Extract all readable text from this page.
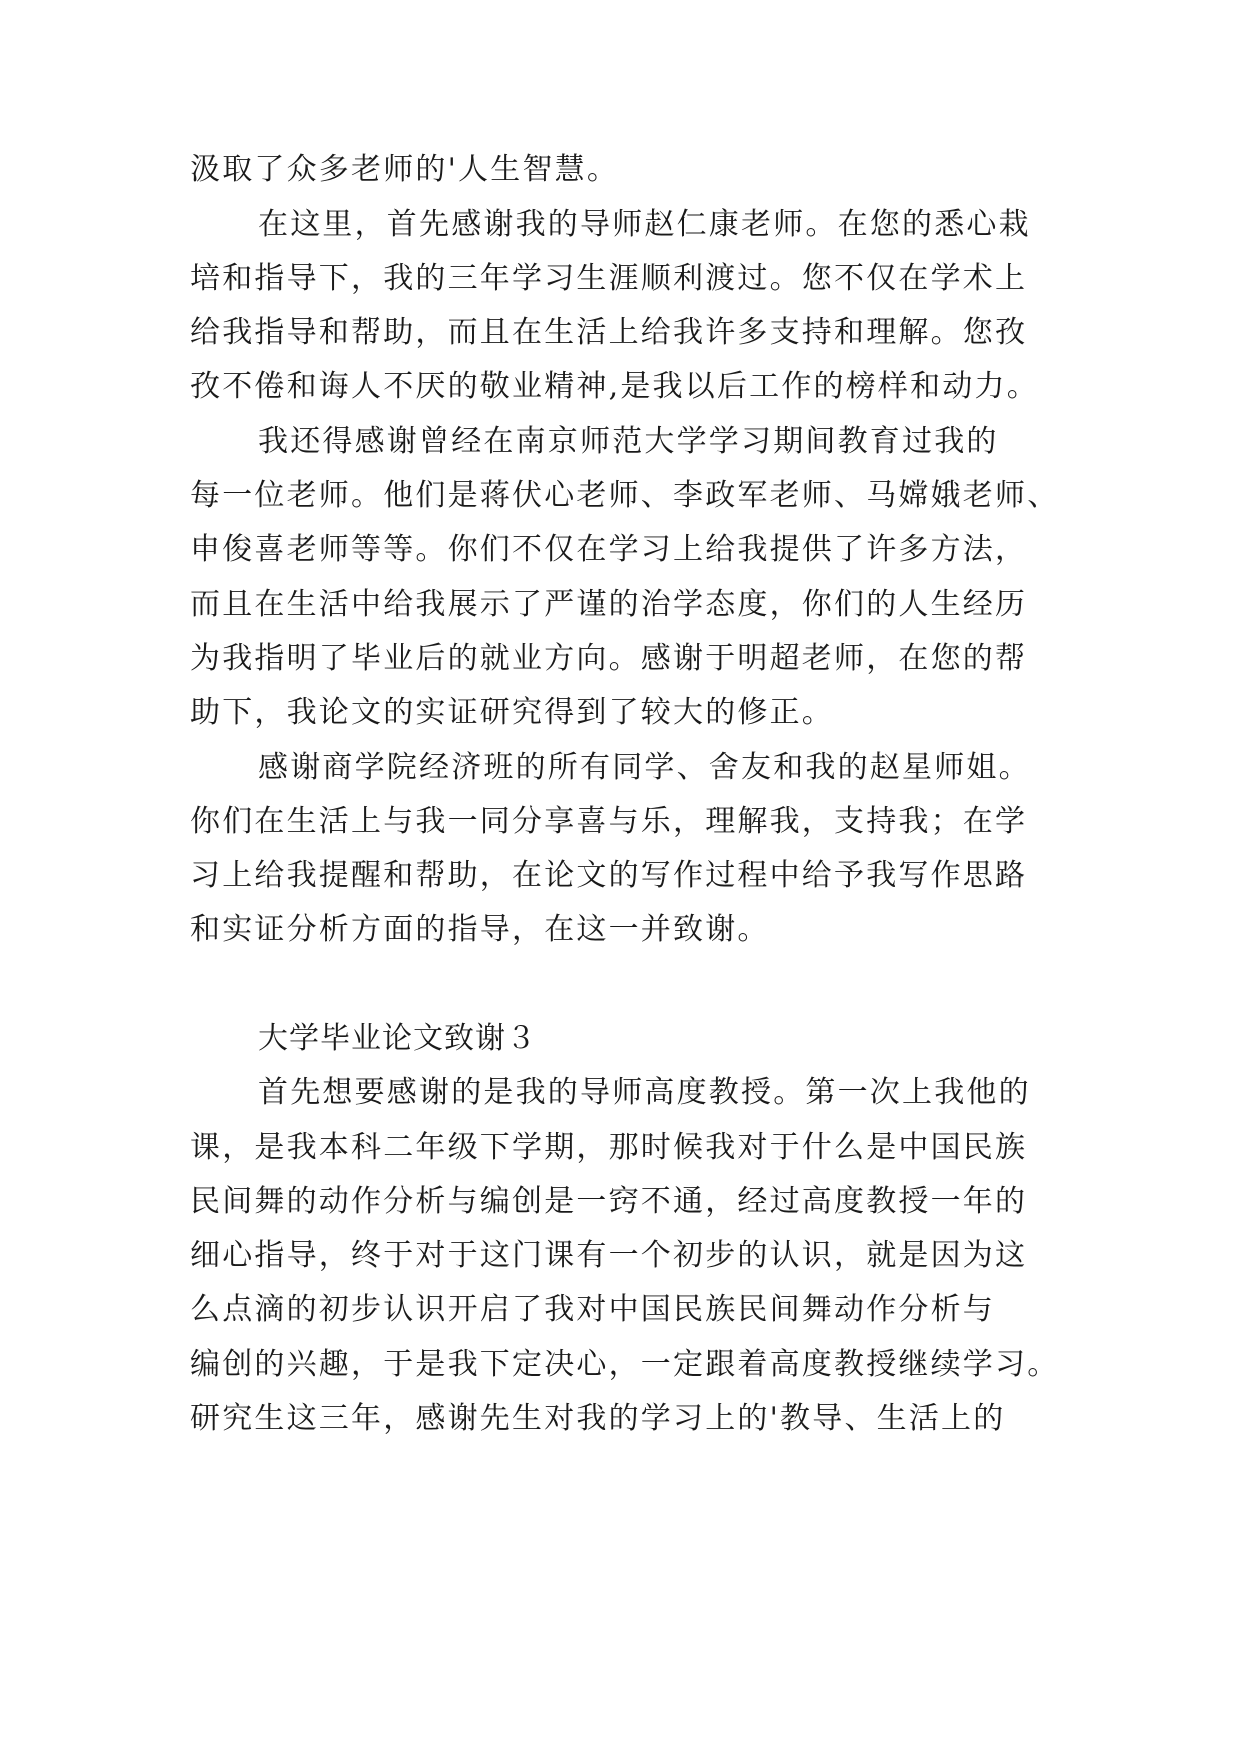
汲取了众多老师的'人生智慧。
在这里，首先感谢我的导师赵仁康老师。在您的悉心栽
培和指导下，我的三年学习生涯顺利渡过。您不仅在学术上
给我指导和帮助，而且在生活上给我许多支持和理解。您孜
孜不倦和诲人不厌的敬业精神,是我以后工作的榜样和动力。
我还得感谢曾经在南京师范大学学习期间教育过我的
每一位老师。他们是蒋伏心老师、李政军老师、马嫦娥老师、
申俊喜老师等等。你们不仅在学习上给我提供了许多方法，
而且在生活中给我展示了严谨的治学态度，你们的人生经历
为我指明了毕业后的就业方向。感谢于明超老师，在您的帮
助下，我论文的实证研究得到了较大的修正。
感谢商学院经济班的所有同学、舍友和我的赵星师姐。
你们在生活上与我一同分享喜与乐，理解我，支持我；在学
习上给我提醒和帮助，在论文的写作过程中给予我写作思路
和实证分析方面的指导，在这一并致谢。
大学毕业论文致谢３
首先想要感谢的是我的导师高度教授。第一次上我他的
课，是我本科二年级下学期，那时候我对于什么是中国民族
民间舞的动作分析与编创是一窍不通，经过高度教授一年的
细心指导，终于对于这门课有一个初步的认识，就是因为这
么点滴的初步认识开启了我对中国民族民间舞动作分析与
编创的兴趣，于是我下定决心，一定跟着高度教授继续学习。
研究生这三年，感谢先生对我的学习上的'教导、生活上的
